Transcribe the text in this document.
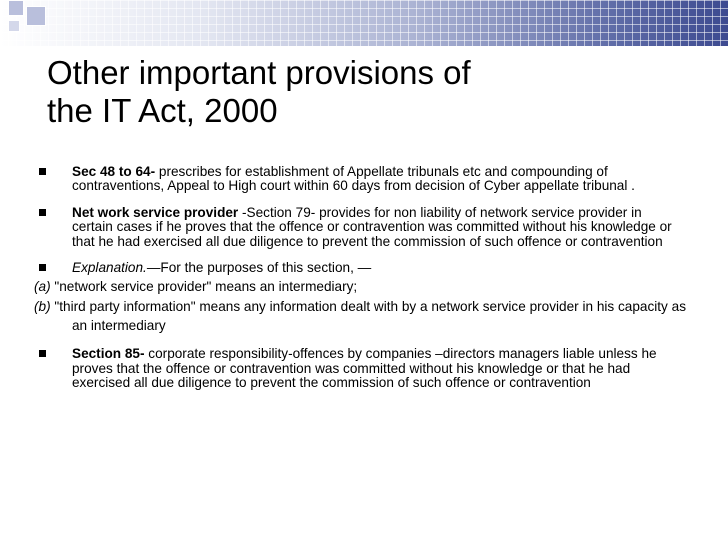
Other important provisions of
the IT Act, 2000
Sec 48 to 64- prescribes for establishment of Appellate tribunals etc and compounding of contraventions, Appeal to High court within 60 days from decision of Cyber appellate tribunal .
Net work service provider -Section 79- provides for non liability of network service provider in certain cases if he proves that the offence or contravention was committed without his knowledge or that he had exercised all due diligence to prevent the commission of such offence or contravention
Explanation.—For the purposes of this section, —
(a) "network service provider" means an intermediary;
(b) "third party information" means any information dealt with by a network service provider in his capacity as an intermediary
Section 85- corporate responsibility-offences by companies –directors managers liable unless he proves that the offence or contravention was committed without his knowledge or that he had exercised all due diligence to prevent the commission of such offence or contravention
